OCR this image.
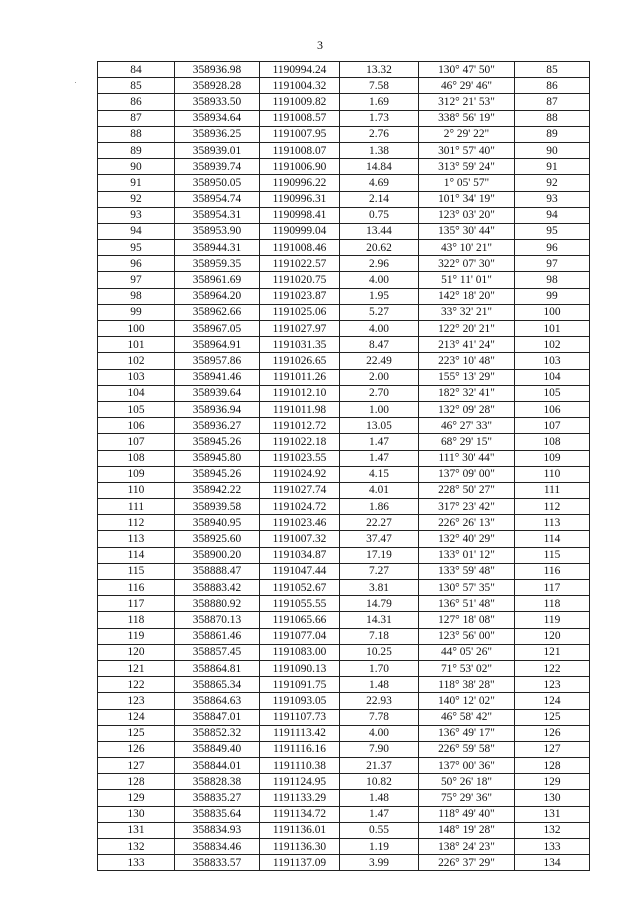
3
84	358936.98	1190994.24	13.32	130° 47' 50"	85
85	358928.28	1191004.32	7.58	46° 29' 46"	86
86	358933.50	1191009.82	1.69	312° 21' 53"	87
87	358934.64	1191008.57	1.73	338° 56' 19"	88
88	358936.25	1191007.95	2.76	2° 29' 22"	89
89	358939.01	1191008.07	1.38	301° 57' 40"	90
90	358939.74	1191006.90	14.84	313° 59' 24"	91
91	358950.05	1190996.22	4.69	1° 05' 57"	92
92	358954.74	1190996.31	2.14	101° 34' 19"	93
93	358954.31	1190998.41	0.75	123° 03' 20"	94
94	358953.90	1190999.04	13.44	135° 30' 44"	95
95	358944.31	1191008.46	20.62	43° 10' 21"	96
96	358959.35	1191022.57	2.96	322° 07' 30"	97
97	358961.69	1191020.75	4.00	51° 11' 01"	98
98	358964.20	1191023.87	1.95	142° 18' 20"	99
99	358962.66	1191025.06	5.27	33° 32' 21"	100
100	358967.05	1191027.97	4.00	122° 20' 21"	101
101	358964.91	1191031.35	8.47	213° 41' 24"	102
102	358957.86	1191026.65	22.49	223° 10' 48"	103
103	358941.46	1191011.26	2.00	155° 13' 29"	104
104	358939.64	1191012.10	2.70	182° 32' 41"	105
105	358936.94	1191011.98	1.00	132° 09' 28"	106
106	358936.27	1191012.72	13.05	46° 27' 33"	107
107	358945.26	1191022.18	1.47	68° 29' 15"	108
108	358945.80	1191023.55	1.47	111° 30' 44"	109
109	358945.26	1191024.92	4.15	137° 09' 00"	110
110	358942.22	1191027.74	4.01	228° 50' 27"	111
111	358939.58	1191024.72	1.86	317° 23' 42"	112
112	358940.95	1191023.46	22.27	226° 26' 13"	113
113	358925.60	1191007.32	37.47	132° 40' 29"	114
114	358900.20	1191034.87	17.19	133° 01' 12"	115
115	358888.47	1191047.44	7.27	133° 59' 48"	116
116	358883.42	1191052.67	3.81	130° 57' 35"	117
117	358880.92	1191055.55	14.79	136° 51' 48"	118
118	358870.13	1191065.66	14.31	127° 18' 08"	119
119	358861.46	1191077.04	7.18	123° 56' 00"	120
120	358857.45	1191083.00	10.25	44° 05' 26"	121
121	358864.81	1191090.13	1.70	71° 53' 02"	122
122	358865.34	1191091.75	1.48	118° 38' 28"	123
123	358864.63	1191093.05	22.93	140° 12' 02"	124
124	358847.01	1191107.73	7.78	46° 58' 42"	125
125	358852.32	1191113.42	4.00	136° 49' 17"	126
126	358849.40	1191116.16	7.90	226° 59' 58"	127
127	358844.01	1191110.38	21.37	137° 00' 36"	128
128	358828.38	1191124.95	10.82	50° 26' 18"	129
129	358835.27	1191133.29	1.48	75° 29' 36"	130
130	358835.64	1191134.72	1.47	118° 49' 40"	131
131	358834.93	1191136.01	0.55	148° 19' 28"	132
132	358834.46	1191136.30	1.19	138° 24' 23"	133
133	358833.57	1191137.09	3.99	226° 37' 29"	134
